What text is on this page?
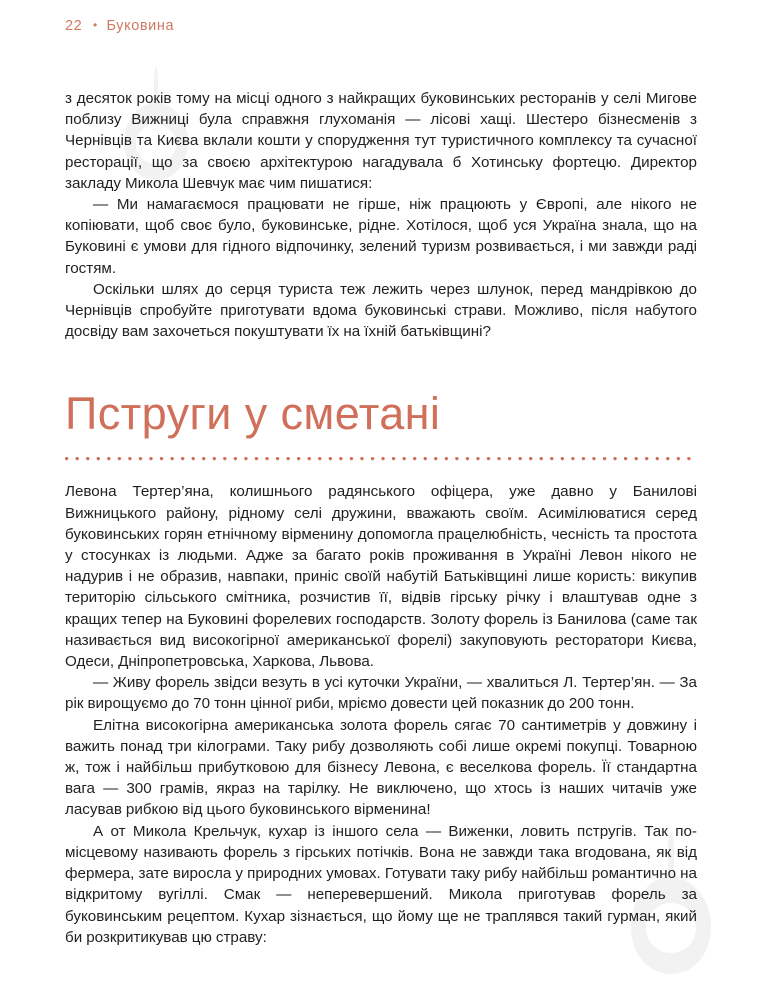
22 • Буковина

з десяток років тому на місці одного з найкращих буковинських ресторанів у селі Мигове поблизу Вижниці була справжня глухоманія — лісові хащі. Шестеро бізнесменів з Чернівців та Києва вклали кошти у спорудження тут туристичного комплексу та сучасної ресторації, що за своєю архітектурою нагадувала б Хотинську фортецю. Директор закладу Микола Шевчук має чим пишатися:

— Ми намагаємося працювати не гірше, ніж працюють у Європі, але нікого не копіювати, щоб своє було, буковинське, рідне. Хотілося, щоб уся Україна знала, що на Буковині є умови для гідного відпочинку, зелений туризм розвивається, і ми завжди раді гостям.

Оскільки шлях до серця туриста теж лежить через шлунок, перед мандрівкою до Чернівців спробуйте приготувати вдома буковинські страви. Можливо, після набутого досвіду вам захочеться покуштувати їх на їхній батьківщині?

Пструги у сметані

Левона Тертер’яна, колишнього радянського офіцера, уже давно у Банилові Вижницького району, рідному селі дружини, вважають своїм. Асимілюватися серед буковинських горян етнічному вірменину допомогла працелюбність, чесність та простота у стосунках із людьми. Адже за багато років проживання в Україні Левон нікого не надурив і не образив, навпаки, приніс своїй набутій Батьківщині лише користь: викупив територію сільського смітника, розчистив її, відвів гірську річку і влаштував одне з кращих тепер на Буковині форелевих господарств. Золоту форель із Банилова (саме так називається вид високогірної американської форелі) закуповують ресторатори Києва, Одеси, Дніпропетровська, Харкова, Львова.

— Живу форель звідси везуть в усі куточки України, — хвалиться Л. Тертер’ян. — За рік вирощуємо до 70 тонн цінної риби, мріємо довести цей показник до 200 тонн.

Елітна високогірна американська золота форель сягає 70 сантиметрів у довжину і важить понад три кілограми. Таку рибу дозволяють собі лише окремі покупці. Товарною ж, тож і найбільш прибутковою для бізнесу Левона, є веселкова форель. Її стандартна вага — 300 грамів, якраз на тарілку. Не виключено, що хтось із наших читачів уже ласував рибкою від цього буковинського вірменина!

А от Микола Крельчук, кухар із іншого села — Виженки, ловить пстругів. Так по-місцевому називають форель з гірських потічків. Вона не завжди така вгодована, як від фермера, зате виросла у природних умовах. Готувати таку рибу найбільш романтично на відкритому вугіллі. Смак — неперевершений. Микола приготував форель за буковинським рецептом. Кухар зізнається, що йому ще не траплявся такий гурман, який би розкритикував цю страву:
